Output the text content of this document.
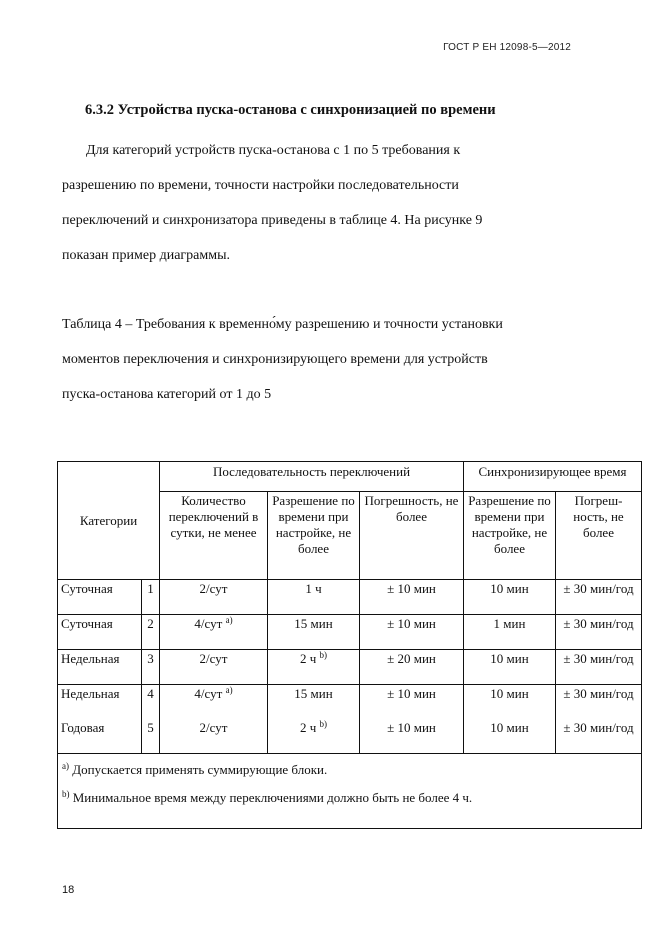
ГОСТ Р ЕН 12098-5—2012
6.3.2 Устройства пуска-останова с синхронизацией по времени

Для категорий устройств пуска-останова с 1 по 5 требования к
разрешению по времени, точности настройки последовательности
переключений и синхронизатора приведены в таблице 4. На рисунке 9
показан пример диаграммы.

Таблица 4 – Требования к временно́му разрешению и точности установки
моментов переключения и синхронизирующего времени для устройств
пуска-останова категорий от 1 до 5

Категории		Последовательность переключений			Синхронизирующее время	
		Количество переключений в сутки, не менее	Разрешение по времени при настройке, не более	Погрешность, не более	Разрешение по времени при настройке, не более	Погреш-ность, не более
Суточная	1	2/сут	1 ч	± 10 мин	10 мин	± 30 мин/год
Суточная	2	4/сут $^{а)}$	15 мин	± 10 мин	1 мин	± 30 мин/год
Недельная	3	2/сут	2 ч $^{b)}$	± 20 мин	10 мин	± 30 мин/год
Недельная	4	4/сут $^{а)}$	15 мин	± 10 мин	10 мин	± 30 мин/год
Годовая	5	2/сут	2 ч $^{b)}$	± 10 мин	10 мин	± 30 мин/год
$^{а)}$ Допускается применять суммирующие блоки.						
$^{b)}$ Минимальное время между переключениями должно быть не более 4 ч.						
18
